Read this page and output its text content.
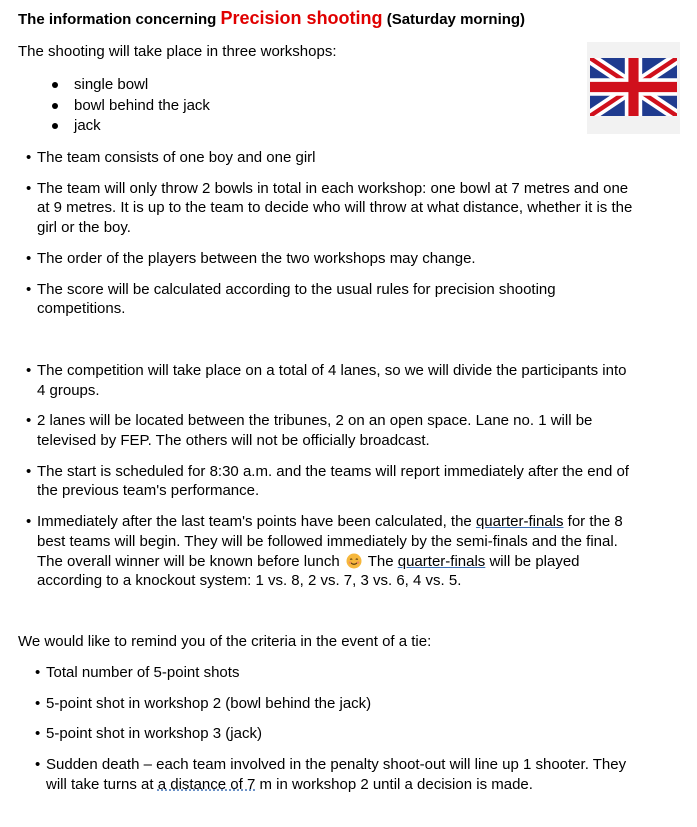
The information concerning Precision shooting (Saturday morning)
The shooting will take place in three workshops:
single bowl
bowl behind the jack
jack
• The team consists of one boy and one girl
• The team will only throw 2 bowls in total in each workshop: one bowl at 7 metres and one at 9 metres. It is up to the team to decide who will throw at what distance, whether it is the girl or the boy.
• The order of the players between the two workshops may change.
• The score will be calculated according to the usual rules for precision shooting competitions.
• The competition will take place on a total of 4 lanes, so we will divide the participants into 4 groups.
• 2 lanes will be located between the tribunes, 2 on an open space. Lane no. 1 will be televised by FEP. The others will not be officially broadcast.
• The start is scheduled for 8:30 a.m. and the teams will report immediately after the end of the previous team's performance.
• Immediately after the last team's points have been calculated, the quarter-finals for the 8 best teams will begin. They will be followed immediately by the semi-finals and the final. The overall winner will be known before lunch  The quarter-finals will be played according to a knockout system: 1 vs. 8, 2 vs. 7, 3 vs. 6, 4 vs. 5.
We would like to remind you of the criteria in the event of a tie:
• Total number of 5-point shots
• 5-point shot in workshop 2 (bowl behind the jack)
• 5-point shot in workshop 3 (jack)
• Sudden death – each team involved in the penalty shoot-out will line up 1 shooter. They will take turns at a distance of 7 m in workshop 2 until a decision is made.
